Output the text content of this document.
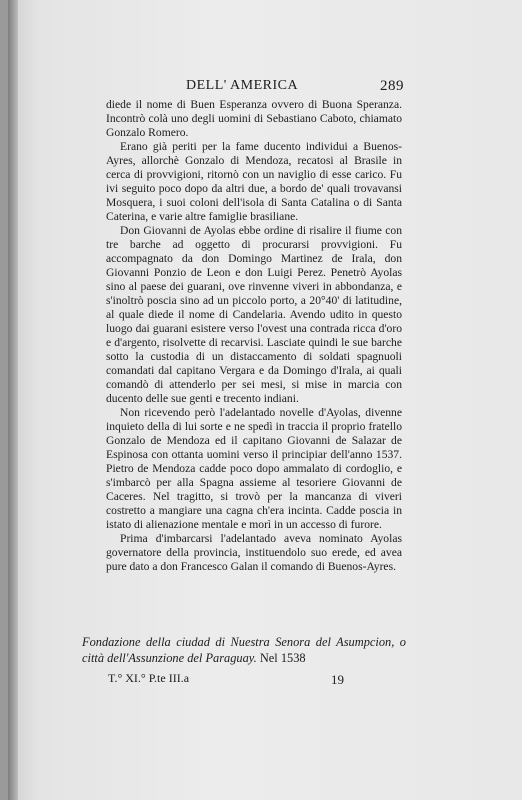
DELL' AMERICA	289

diede il nome di Buen Esperanza ovvero di Buona Speranza. Incontrò colà uno degli uomini di Sebastiano Caboto, chiamato Gonzalo Romero.

Erano già periti per la fame ducento individui a Buenos-Ayres, allorchè Gonzalo di Mendoza, recatosi al Brasile in cerca di provvigioni, ritornò con un naviglio di esse carico. Fu ivi seguito poco dopo da altri due, a bordo de' quali trovavansi Mosquera, i suoi coloni dell'isola di Santa Catalina o di Santa Caterina, e varie altre famiglie brasiliane.

Don Giovanni de Ayolas ebbe ordine di risalire il fiume con tre barche ad oggetto di procurarsi provvigioni. Fu accompagnato da don Domingo Martinez de Irala, don Giovanni Ponzio de Leon e don Luigi Perez. Penetrò Ayolas sino al paese dei guarani, ove rinvenne viveri in abbondanza, e s'inoltrò poscia sino ad un piccolo porto, a 20°40' di latitudine, al quale diede il nome di Candelaria. Avendo udito in questo luogo dai guarani esistere verso l'ovest una contrada ricca d'oro e d'argento, risolvette di recarvisi. Lasciate quindi le sue barche sotto la custodia di un distaccamento di soldati spagnuoli comandati dal capitano Vergara e da Domingo d'Irala, ai quali comandò di attenderlo per sei mesi, si mise in marcia con ducento delle sue genti e trecento indiani.

Non ricevendo però l'adelantado novelle d'Ayolas, divenne inquieto della di lui sorte e ne spedì in traccia il proprio fratello Gonzalo de Mendoza ed il capitano Giovanni de Salazar de Espinosa con ottanta uomini verso il principiar dell'anno 1537. Pietro de Mendoza cadde poco dopo ammalato di cordoglio, e s'imbarcò per alla Spagna assieme al tesoriere Giovanni de Caceres. Nel tragitto, si trovò per la mancanza di viveri costretto a mangiare una cagna ch'era incinta. Cadde poscia in istato di alienazione mentale e morì in un accesso di furore.

Prima d'imbarcarsi l'adelantado aveva nominato Ayolas governatore della provincia, instituendolo suo erede, ed avea pure dato a don Francesco Galan il comando di Buenos-Ayres.

Fondazione della ciudad di Nuestra Senora del Asumpcion, o città dell'Assunzione del Paraguay. Nel 1538
T.° XI.° P.te III.a	19
